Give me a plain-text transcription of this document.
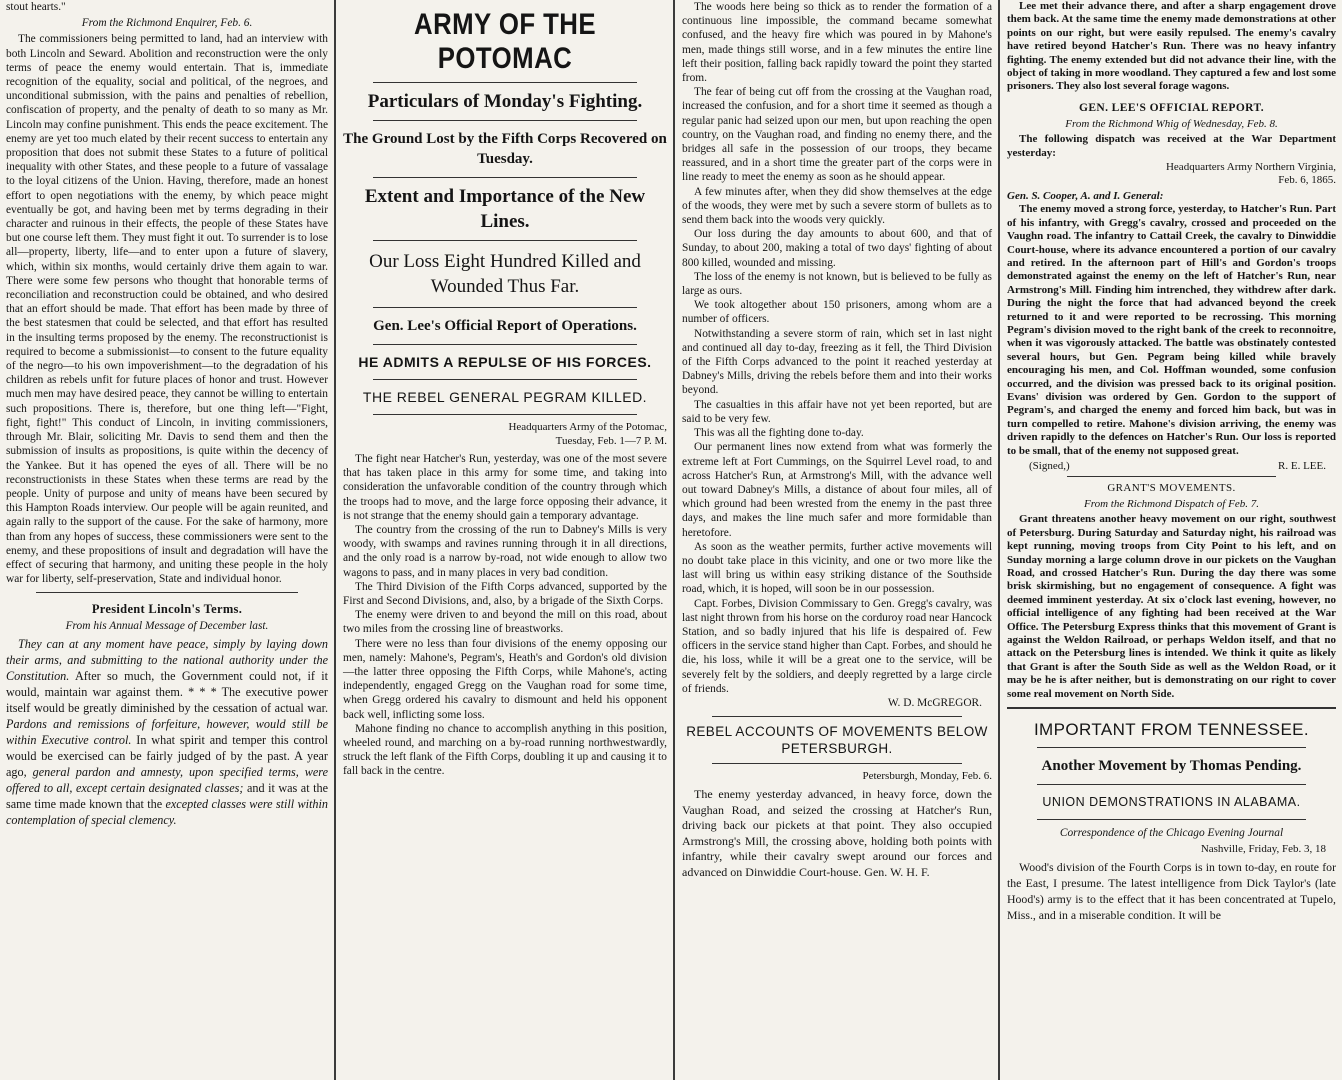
stout hearts."

From the Richmond Enquirer, Feb. 6.

The commissioners being permitted to land, had an interview with both Lincoln and Seward. Abolition and reconstruction were the only terms of peace the enemy would entertain. That is, immediate recognition of the equality, social and political, of the negroes, and unconditional submission, with the pains and penalties of rebellion, confiscation of property, and the penalty of death to so many as Mr. Lincoln may confine punishment. This ends the peace excitement. The enemy are yet too much elated by their recent success to entertain any proposition that does not submit these States to a future of political inequality with other States, and these people to a future of vassalage to the loyal citizens of the Union. Having, therefore, made an honest effort to open negotiations with the enemy, by which peace might eventually be got, and having been met by terms degrading in their character and ruinous in their effects, the people of these States have but one course left them. They must fight it out. To surrender is to lose all—property, liberty, life—and to enter upon a future of slavery, which, within six months, would certainly drive them again to war. There were some few persons who thought that honorable terms of reconciliation and reconstruction could be obtained, and who desired that an effort should be made. That effort has been made by three of the best statesmen that could be selected, and that effort has resulted in the insulting terms proposed by the enemy. The reconstructionist is required to become a submissionist—to consent to the future equality of the negro—to his own impoverishment—to the degradation of his children as rebels unfit for future places of honor and trust. However much men may have desired peace, they cannot be willing to entertain such propositions. There is, therefore, but one thing left—"Fight, fight, fight!" This conduct of Lincoln, in inviting commissioners, through Mr. Blair, soliciting Mr. Davis to send them and then the submission of insults as propositions, is quite within the decency of the Yankee. But it has opened the eyes of all. There will be no reconstructionists in these States when these terms are read by the people. Unity of purpose and unity of means have been secured by this Hampton Roads interview. Our people will be again reunited, and again rally to the support of the cause. For the sake of harmony, more than from any hopes of success, these commissioners were sent to the enemy, and these propositions of insult and degradation will have the effect of securing that harmony, and uniting these people in the holy war for liberty, self-preservation, State and individual honor.

President Lincoln's Terms.

From his Annual Message of December last.

They can at any moment have peace, simply by laying down their arms, and submitting to the national authority under the Constitution. After so much, the Government could not, if it would, maintain war against them. * * * The executive power itself would be greatly diminished by the cessation of actual war. Pardons and remissions of forfeiture, however, would still be within Executive control. In what spirit and temper this control would be exercised can be fairly judged of by the past. A year ago, general pardon and amnesty, upon specified terms, were offered to all, except certain designated classes; and it was at the same time made known that the excepted classes were still within contemplation of special clemency.

ARMY OF THE POTOMAC
Particulars of Monday's Fighting.
The Ground Lost by the Fifth Corps Recovered on Tuesday.
Extent and Importance of the New Lines.
Our Loss Eight Hundred Killed and Wounded Thus Far.
Gen. Lee's Official Report of Operations.
HE ADMITS A REPULSE OF HIS FORCES.
THE REBEL GENERAL PEGRAM KILLED.

Headquarters Army of the Potomac,

Tuesday, Feb. 1—7 P. M.

The fight near Hatcher's Run, yesterday, was one of the most severe that has taken place in this army for some time, and taking into consideration the unfavorable condition of the country through which the troops had to move, and the large force opposing their advance, it is not strange that the enemy should gain a temporary advantage.

The country from the crossing of the run to Dabney's Mills is very woody, with swamps and ravines running through it in all directions, and the only road is a narrow by-road, not wide enough to allow two wagons to pass, and in many places in very bad condition.

The Third Division of the Fifth Corps advanced, supported by the First and Second Divisions, and, also, by a brigade of the Sixth Corps.

The enemy were driven to and beyond the mill on this road, about two miles from the crossing line of breastworks.

There were no less than four divisions of the enemy opposing our men, namely: Mahone's, Pegram's, Heath's and Gordon's old division—the latter three opposing the Fifth Corps, while Mahone's, acting independently, engaged Gregg on the Vaughan road for some time, when Gregg ordered his cavalry to dismount and held his opponent back well, inflicting some loss.

Mahone finding no chance to accomplish anything in this position, wheeled round, and marching on a by-road running northwestwardly, struck the left flank of the Fifth Corps, doubling it up and causing it to fall back in the centre.

The woods here being so thick as to render the formation of a continuous line impossible, the command became somewhat confused, and the heavy fire which was poured in by Mahone's men, made things still worse, and in a few minutes the entire line left their position, falling back rapidly toward the point they started from.

The fear of being cut off from the crossing at the Vaughan road, increased the confusion, and for a short time it seemed as though a regular panic had seized upon our men, but upon reaching the open country, on the Vaughan road, and finding no enemy there, and the bridges all safe in the possession of our troops, they became reassured, and in a short time the greater part of the corps were in line ready to meet the enemy as soon as he should appear.

A few minutes after, when they did show themselves at the edge of the woods, they were met by such a severe storm of bullets as to send them back into the woods very quickly.

Our loss during the day amounts to about 600, and that of Sunday, to about 200, making a total of two days' fighting of about 800 killed, wounded and missing.

The loss of the enemy is not known, but is believed to be fully as large as ours.

We took altogether about 150 prisoners, among whom are a number of officers.

Notwithstanding a severe storm of rain, which set in last night and continued all day to-day, freezing as it fell, the Third Division of the Fifth Corps advanced to the point it reached yesterday at Dabney's Mills, driving the rebels before them and into their works beyond.

The casualties in this affair have not yet been reported, but are said to be very few.

This was all the fighting done to-day.

Our permanent lines now extend from what was formerly the extreme left at Fort Cummings, on the Squirrel Level road, to and across Hatcher's Run, at Armstrong's Mill, with the advance well out toward Dabney's Mills, a distance of about four miles, all of which ground had been wrested from the enemy in the past three days, and makes the line much safer and more formidable than heretofore.

As soon as the weather permits, further active movements will no doubt take place in this vicinity, and one or two more like the last will bring us within easy striking distance of the Southside road, which, it is hoped, will soon be in our possession.

Capt. Forbes, Division Commissary to Gen. Gregg's cavalry, was last night thrown from his horse on the corduroy road near Hancock Station, and so badly injured that his life is despaired of. Few officers in the service stand higher than Capt. Forbes, and should he die, his loss, while it will be a great one to the service, will be severely felt by the soldiers, and deeply regretted by a large circle of friends.

W. D. McGREGOR.

REBEL ACCOUNTS OF MOVEMENTS BELOW PETERSBURGH.

Petersburgh, Monday, Feb. 6.

The enemy yesterday advanced, in heavy force, down the Vaughan Road, and seized the crossing at Hatcher's Run, driving back our pickets at that point. They also occupied Armstrong's Mill, the crossing above, holding both points with infantry, while their cavalry swept around our forces and advanced on Dinwiddie Court-house. Gen. W. H. F.

Lee met their advance there, and after a sharp engagement drove them back. At the same time the enemy made demonstrations at other points on our right, but were easily repulsed. The enemy's cavalry have retired beyond Hatcher's Run. There was no heavy infantry fighting. The enemy extended but did not advance their line, with the object of taking in more woodland. They captured a few and lost some prisoners. They also lost several forage wagons.

GEN. LEE'S OFFICIAL REPORT.

From the Richmond Whig of Wednesday, Feb. 8.

The following dispatch was received at the War Department yesterday:

Headquarters Army Northern Virginia,

Feb. 6, 1865.

Gen. S. Cooper, A. and I. General:

The enemy moved a strong force, yesterday, to Hatcher's Run. Part of his infantry, with Gregg's cavalry, crossed and proceeded on the Vaughn road. The infantry to Cattail Creek, the cavalry to Dinwiddie Court-house, where its advance encountered a portion of our cavalry and retired. In the afternoon part of Hill's and Gordon's troops demonstrated against the enemy on the left of Hatcher's Run, near Armstrong's Mill. Finding him intrenched, they withdrew after dark. During the night the force that had advanced beyond the creek returned to it and were reported to be recrossing. This morning Pegram's division moved to the right bank of the creek to reconnoitre, when it was vigorously attacked. The battle was obstinately contested several hours, but Gen. Pegram being killed while bravely encouraging his men, and Col. Hoffman wounded, some confusion occurred, and the division was pressed back to its original position. Evans' division was ordered by Gen. Gordon to the support of Pegram's, and charged the enemy and forced him back, but was in turn compelled to retire. Mahone's division arriving, the enemy was driven rapidly to the defences on Hatcher's Run. Our loss is reported to be small, that of the enemy not supposed great.

(Signed,)	R. E. LEE.
GRANT'S MOVEMENTS.

From the Richmond Dispatch of Feb. 7.

Grant threatens another heavy movement on our right, southwest of Petersburg. During Saturday and Saturday night, his railroad was kept running, moving troops from City Point to his left, and on Sunday morning a large column drove in our pickets on the Vaughan Road, and crossed Hatcher's Run. During the day there was some brisk skirmishing, but no engagement of consequence. A fight was deemed imminent yesterday. At six o'clock last evening, however, no official intelligence of any fighting had been received at the War Office. The Petersburg Express thinks that this movement of Grant is against the Weldon Railroad, or perhaps Weldon itself, and that no attack on the Petersburg lines is intended. We think it quite as likely that Grant is after the South Side as well as the Weldon Road, or it may be he is after neither, but is demonstrating on our right to cover some real movement on North Side.

IMPORTANT FROM TENNESSEE.
Another Movement by Thomas Pending.
UNION DEMONSTRATIONS IN ALABAMA.

Correspondence of the Chicago Evening Journal

Nashville, Friday, Feb. 3, 18

Wood's division of the Fourth Corps is in town to-day, en route for the East, I presume. The latest intelligence from Dick Taylor's (late Hood's) army is to the effect that it has been concentrated at Tupelo, Miss., and in a miserable condition. It will be
